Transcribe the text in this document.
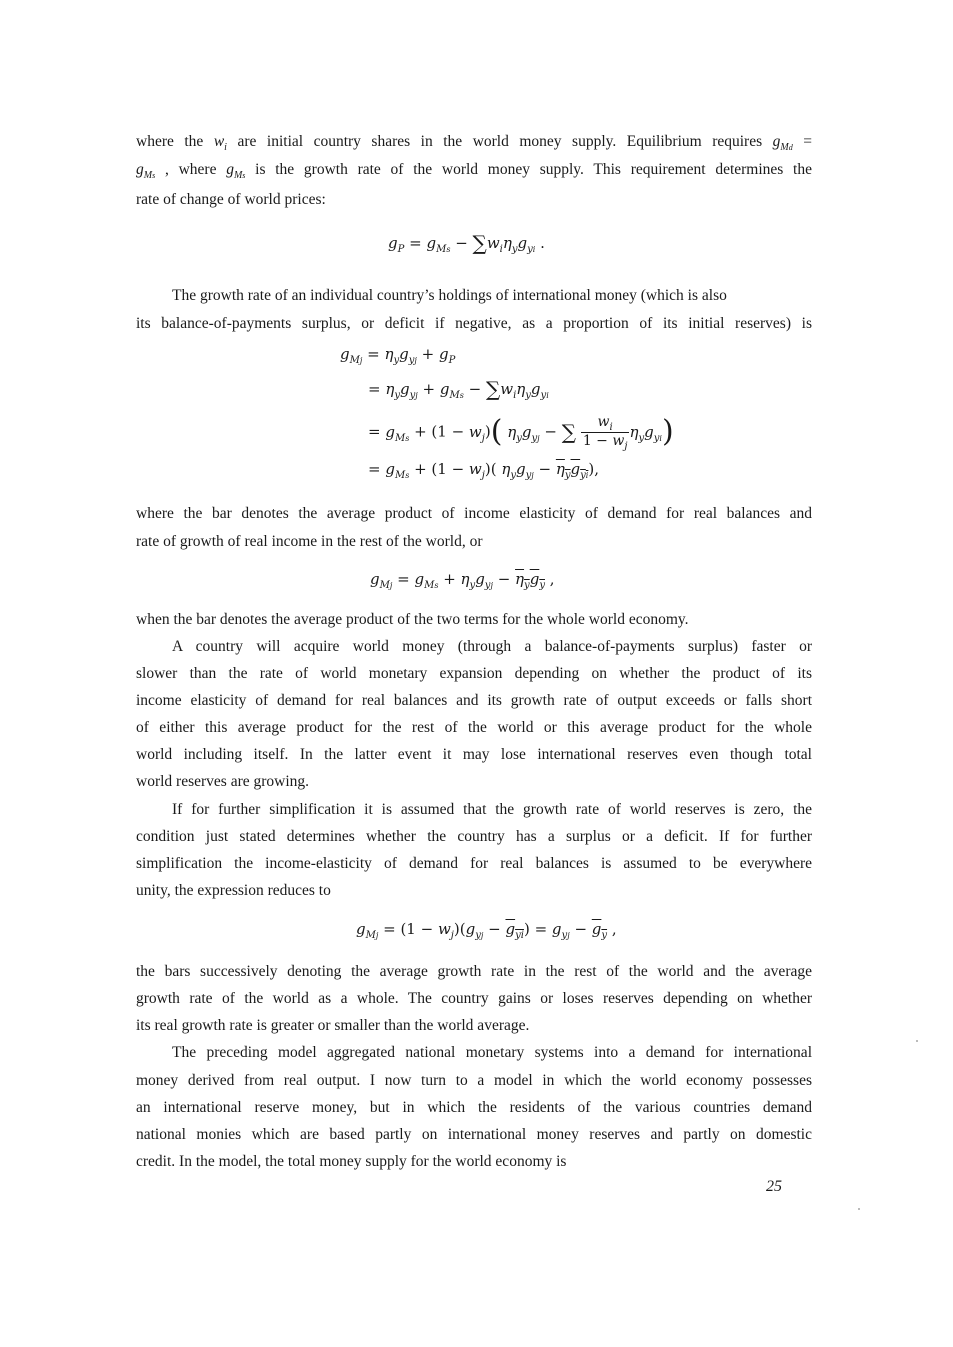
where the $w_i$ are initial country shares in the world money supply. Equilibrium requires $g_{Md}$ =
$g_{Ms}$ , where $g_{Ms}$ is the growth rate of the world money supply. This requirement determines the
rate of change of world prices:
$g_P = g_{Ms} - \sum w_i\eta_yg_{yi}$ .
The growth rate of an individual country’s holdings of international money (which is also
its balance-of-payments surplus, or deficit if negative, as a proportion of its initial reserves) is
$g_{Mj} = \eta_yg_{yj} + g_P$
= $\eta_yg_{yj} + g_{Ms} - \sum w_i\eta_yg_{yi}$
= $g_{Ms} + (1 - w_j)$( $\eta_yg_{yj}$ − ∑ $\frac{w_i}{1 - w_j} \eta_yg_{yi}$)
= $g_{Ms} + (1 - w_j)$( $\eta_yg_{yj} - \eta_yg_{yi}$),
where the bar denotes the average product of income elasticity of demand for real balances and
rate of growth of real income in the rest of the world, or
$g_{Mj} = g_{Ms} + \eta_yg_{yj} - \eta_yg_y$ ,
when the bar denotes the average product of the two terms for the whole world economy.
A country will acquire world money (through a balance-of-payments surplus) faster or
slower than the rate of world monetary expansion depending on whether the product of its
income elasticity of demand for real balances and its growth rate of output exceeds or falls short
of either this average product for the rest of the world or this average product for the whole
world including itself. In the latter event it may lose international reserves even though total
world reserves are growing.
If for further simplification it is assumed that the growth rate of world reserves is zero, the
condition just stated determines whether the country has a surplus or a deficit. If for further
simplification the income-elasticity of demand for real balances is assumed to be everywhere
unity, the expression reduces to
$g_{Mj} = (1 - w_j)(g_{yj} - g_{yi}) = g_{yj} - g_y$ ,
the bars successively denoting the average growth rate in the rest of the world and the average
growth rate of the world as a whole. The country gains or loses reserves depending on whether
its real growth rate is greater or smaller than the world average.
The preceding model aggregated national monetary systems into a demand for international
money derived from real output. I now turn to a model in which the world economy possesses
an international reserve money, but in which the residents of the various countries demand
national monies which are based partly on international money reserves and partly on domestic
credit. In the model, the total money supply for the world economy is
25
